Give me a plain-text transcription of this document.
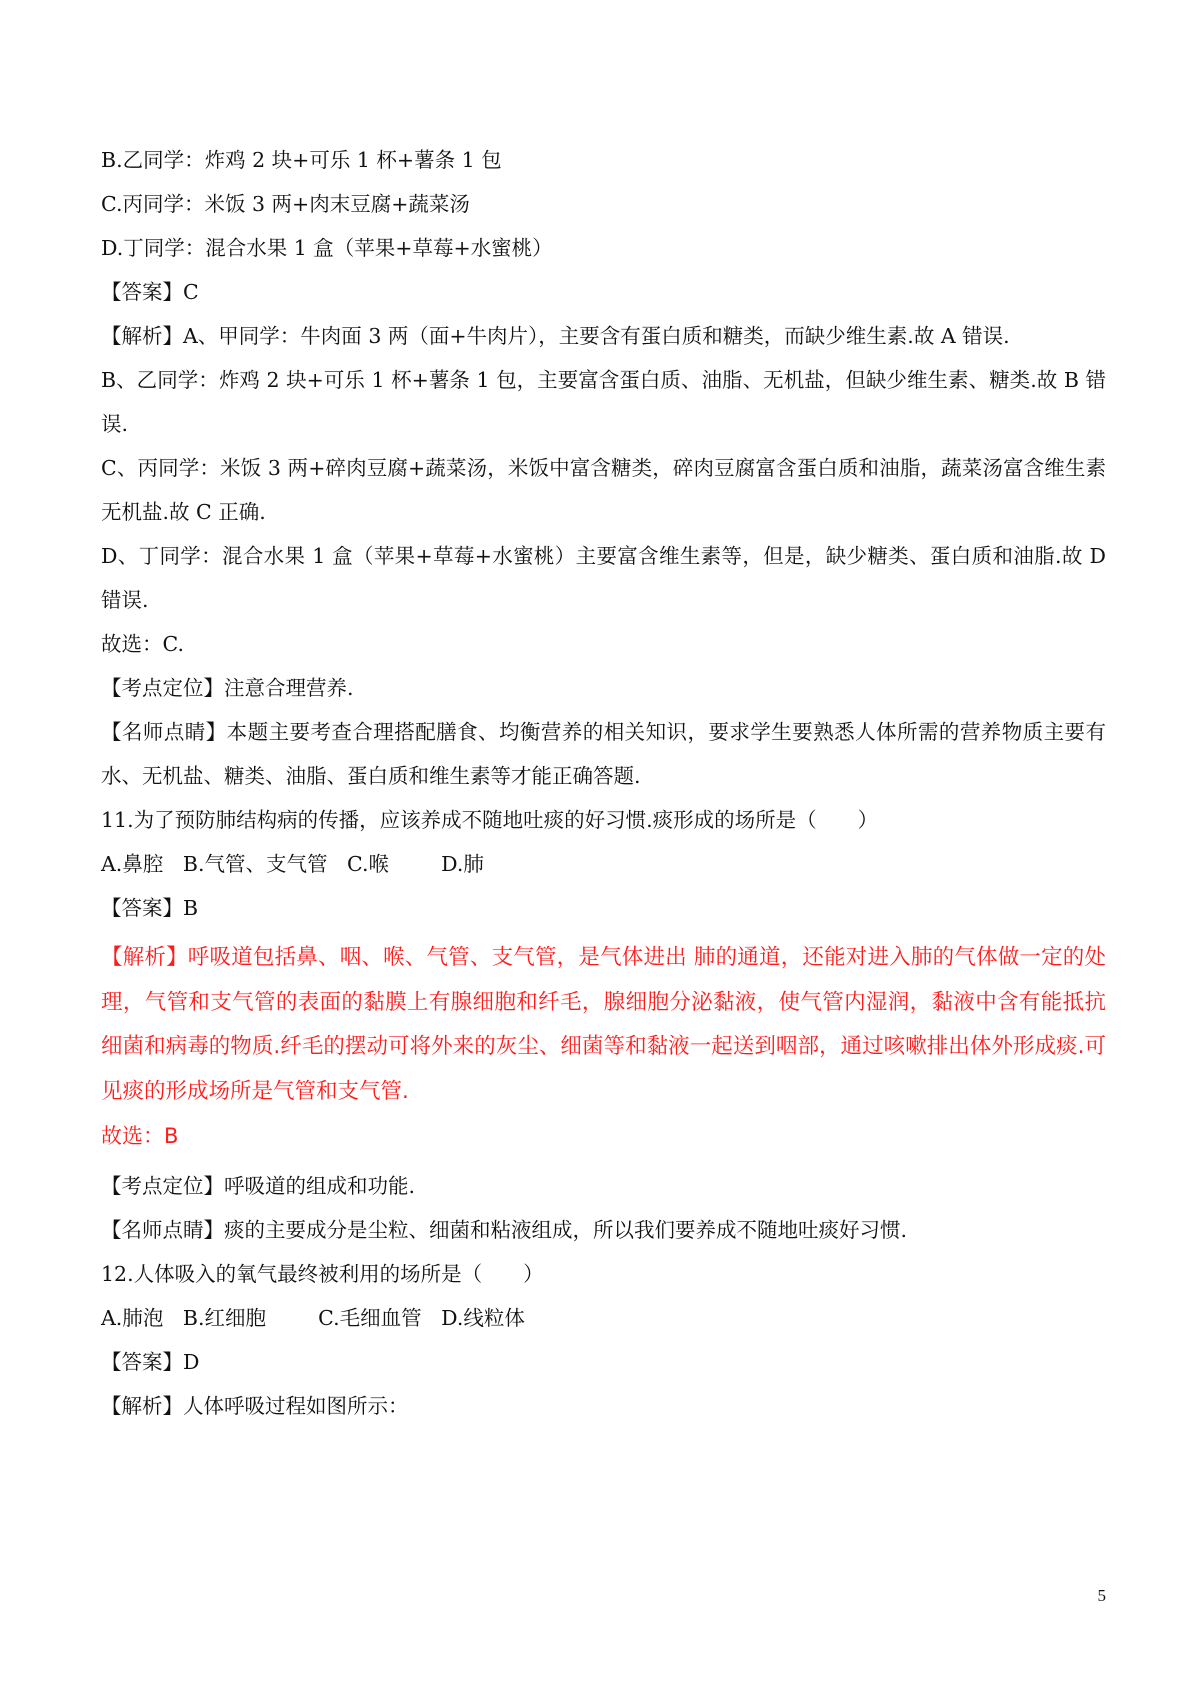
B.乙同学：炸鸡 2 块+可乐 1 杯+薯条 1 包

C.丙同学：米饭 3 两+肉末豆腐+蔬菜汤

D.丁同学：混合水果 1 盒（苹果+草莓+水蜜桃）

【答案】C

【解析】A、甲同学：牛肉面 3 两（面+牛肉片），主要含有蛋白质和糖类，而缺少维生素.故 A 错误.

B、乙同学：炸鸡 2 块+可乐 1 杯+薯条 1 包，主要富含蛋白质、油脂、无机盐，但缺少维生素、糖类.故 B 错误.

C、丙同学：米饭 3 两+碎肉豆腐+蔬菜汤，米饭中富含糖类，碎肉豆腐富含蛋白质和油脂，蔬菜汤富含维生素无机盐.故 C 正确.

D、丁同学：混合水果 1 盒（苹果+草莓+水蜜桃）主要富含维生素等，但是，缺少糖类、蛋白质和油脂.故 D 错误.

故选：C.

【考点定位】注意合理营养.

【名师点睛】本题主要考查合理搭配膳食、均衡营养的相关知识，要求学生要熟悉人体所需的营养物质主要有水、无机盐、糖类、油脂、蛋白质和维生素等才能正确答题.

11.为了预防肺结构病的传播，应该养成不随地吐痰的好习惯.痰形成的场所是（　　）

A.鼻腔 B.气管、支气管 C.喉	D.肺

【答案】B

【解析】呼吸道包括鼻、咽、喉、气管、支气管，是气体进出 肺的通道，还能对进入肺的气体做一定的处理，气管和支气管的表面的黏膜上有腺细胞和纤毛，腺细胞分泌黏液，使气管内湿润，黏液中含有能抵抗细菌和病毒的物质.纤毛的摆动可将外来的灰尘、细菌等和黏液一起送到咽部，通过咳嗽排出体外形成痰.可见痰的形成场所是气管和支气管.

故选：B

【考点定位】呼吸道的组成和功能.

【名师点睛】痰的主要成分是尘粒、细菌和粘液组成，所以我们要养成不随地吐痰好习惯.

12.人体吸入的氧气最终被利用的场所是（　　）

A.肺泡 B.红细胞	C.毛细血管 D.线粒体

【答案】D

【解析】人体呼吸过程如图所示：

5
